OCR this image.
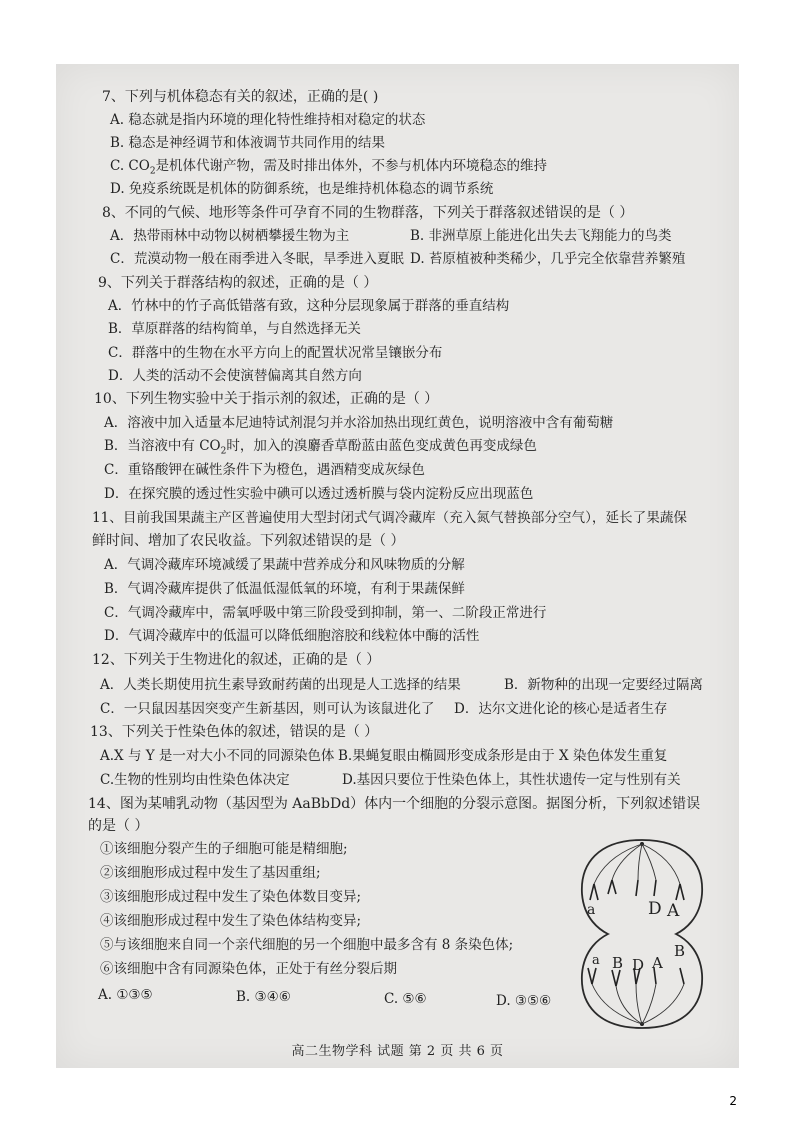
7、下列与机体稳态有关的叙述，正确的是( )
A. 稳态就是指内环境的理化特性维持相对稳定的状态
B. 稳态是神经调节和体液调节共同作用的结果
C. $CO_2$是机体代谢产物，需及时排出体外，不参与机体内环境稳态的维持
D. 免疫系统既是机体的防御系统，也是维持机体稳态的调节系统
8、不同的气候、地形等条件可孕育不同的生物群落，下列关于群落叙述错误的是（ ）
A．热带雨林中动物以树栖攀援生物为主	B. 非洲草原上能进化出失去飞翔能力的鸟类
C．荒漠动物一般在雨季进入冬眠，旱季进入夏眠 D. 苔原植被种类稀少，几乎完全依靠营养繁殖
9、下列关于群落结构的叙述，正确的是（ ）
A．竹林中的竹子高低错落有致，这种分层现象属于群落的垂直结构
B．草原群落的结构简单，与自然选择无关
C．群落中的生物在水平方向上的配置状况常呈镶嵌分布
D．人类的活动不会使演替偏离其自然方向
10、下列生物实验中关于指示剂的叙述，正确的是（ ）
A．溶液中加入适量本尼迪特试剂混匀并水浴加热出现红黄色，说明溶液中含有葡萄糖
B．当溶液中有 $CO_2$时，加入的溴麝香草酚蓝由蓝色变成黄色再变成绿色
C．重铬酸钾在碱性条件下为橙色，遇酒精变成灰绿色
D．在探究膜的透过性实验中碘可以透过透析膜与袋内淀粉反应出现蓝色
11、目前我国果蔬主产区普遍使用大型封闭式气调冷藏库（充入氮气替换部分空气），延长了果蔬保
鲜时间、增加了农民收益。下列叙述错误的是（ ）
A．气调冷藏库环境减缓了果蔬中营养成分和风味物质的分解
B．气调冷藏库提供了低温低湿低氧的环境，有利于果蔬保鲜
C．气调冷藏库中，需氧呼吸中第三阶段受到抑制，第一、二阶段正常进行
D．气调冷藏库中的低温可以降低细胞溶胶和线粒体中酶的活性
12、下列关于生物进化的叙述，正确的是（ ）
A．人类长期使用抗生素导致耐药菌的出现是人工选择的结果	B．新物种的出现一定要经过隔离
C．一只鼠因基因突变产生新基因，则可认为该鼠进化了 D．达尔文进化论的核心是适者生存
13、下列关于性染色体的叙述，错误的是（ ）
A.X 与 Y 是一对大小不同的同源染色体 B.果蝇复眼由椭圆形变成条形是由于 X 染色体发生重复
C.生物的性别均由性染色体决定	D.基因只要位于性染色体上，其性状遗传一定与性别有关
14、图为某哺乳动物（基因型为 AaBbDd）体内一个细胞的分裂示意图。据图分析，下列叙述错误
的是（ ）
①该细胞分裂产生的子细胞可能是精细胞;
②该细胞形成过程中发生了基因重组;
③该细胞形成过程中发生了染色体数目变异;
④该细胞形成过程中发生了染色体结构变异;
⑤与该细胞来自同一个亲代细胞的另一个细胞中最多含有 8 条染色体;
⑥该细胞中含有同源染色体，正处于有丝分裂后期
A. ①③⑤	B. ③④⑥	C. ⑤⑥	D. ③⑤⑥
a	D A
a B D A
B
高二生物学科 试题 第 2 页 共 6 页
2
